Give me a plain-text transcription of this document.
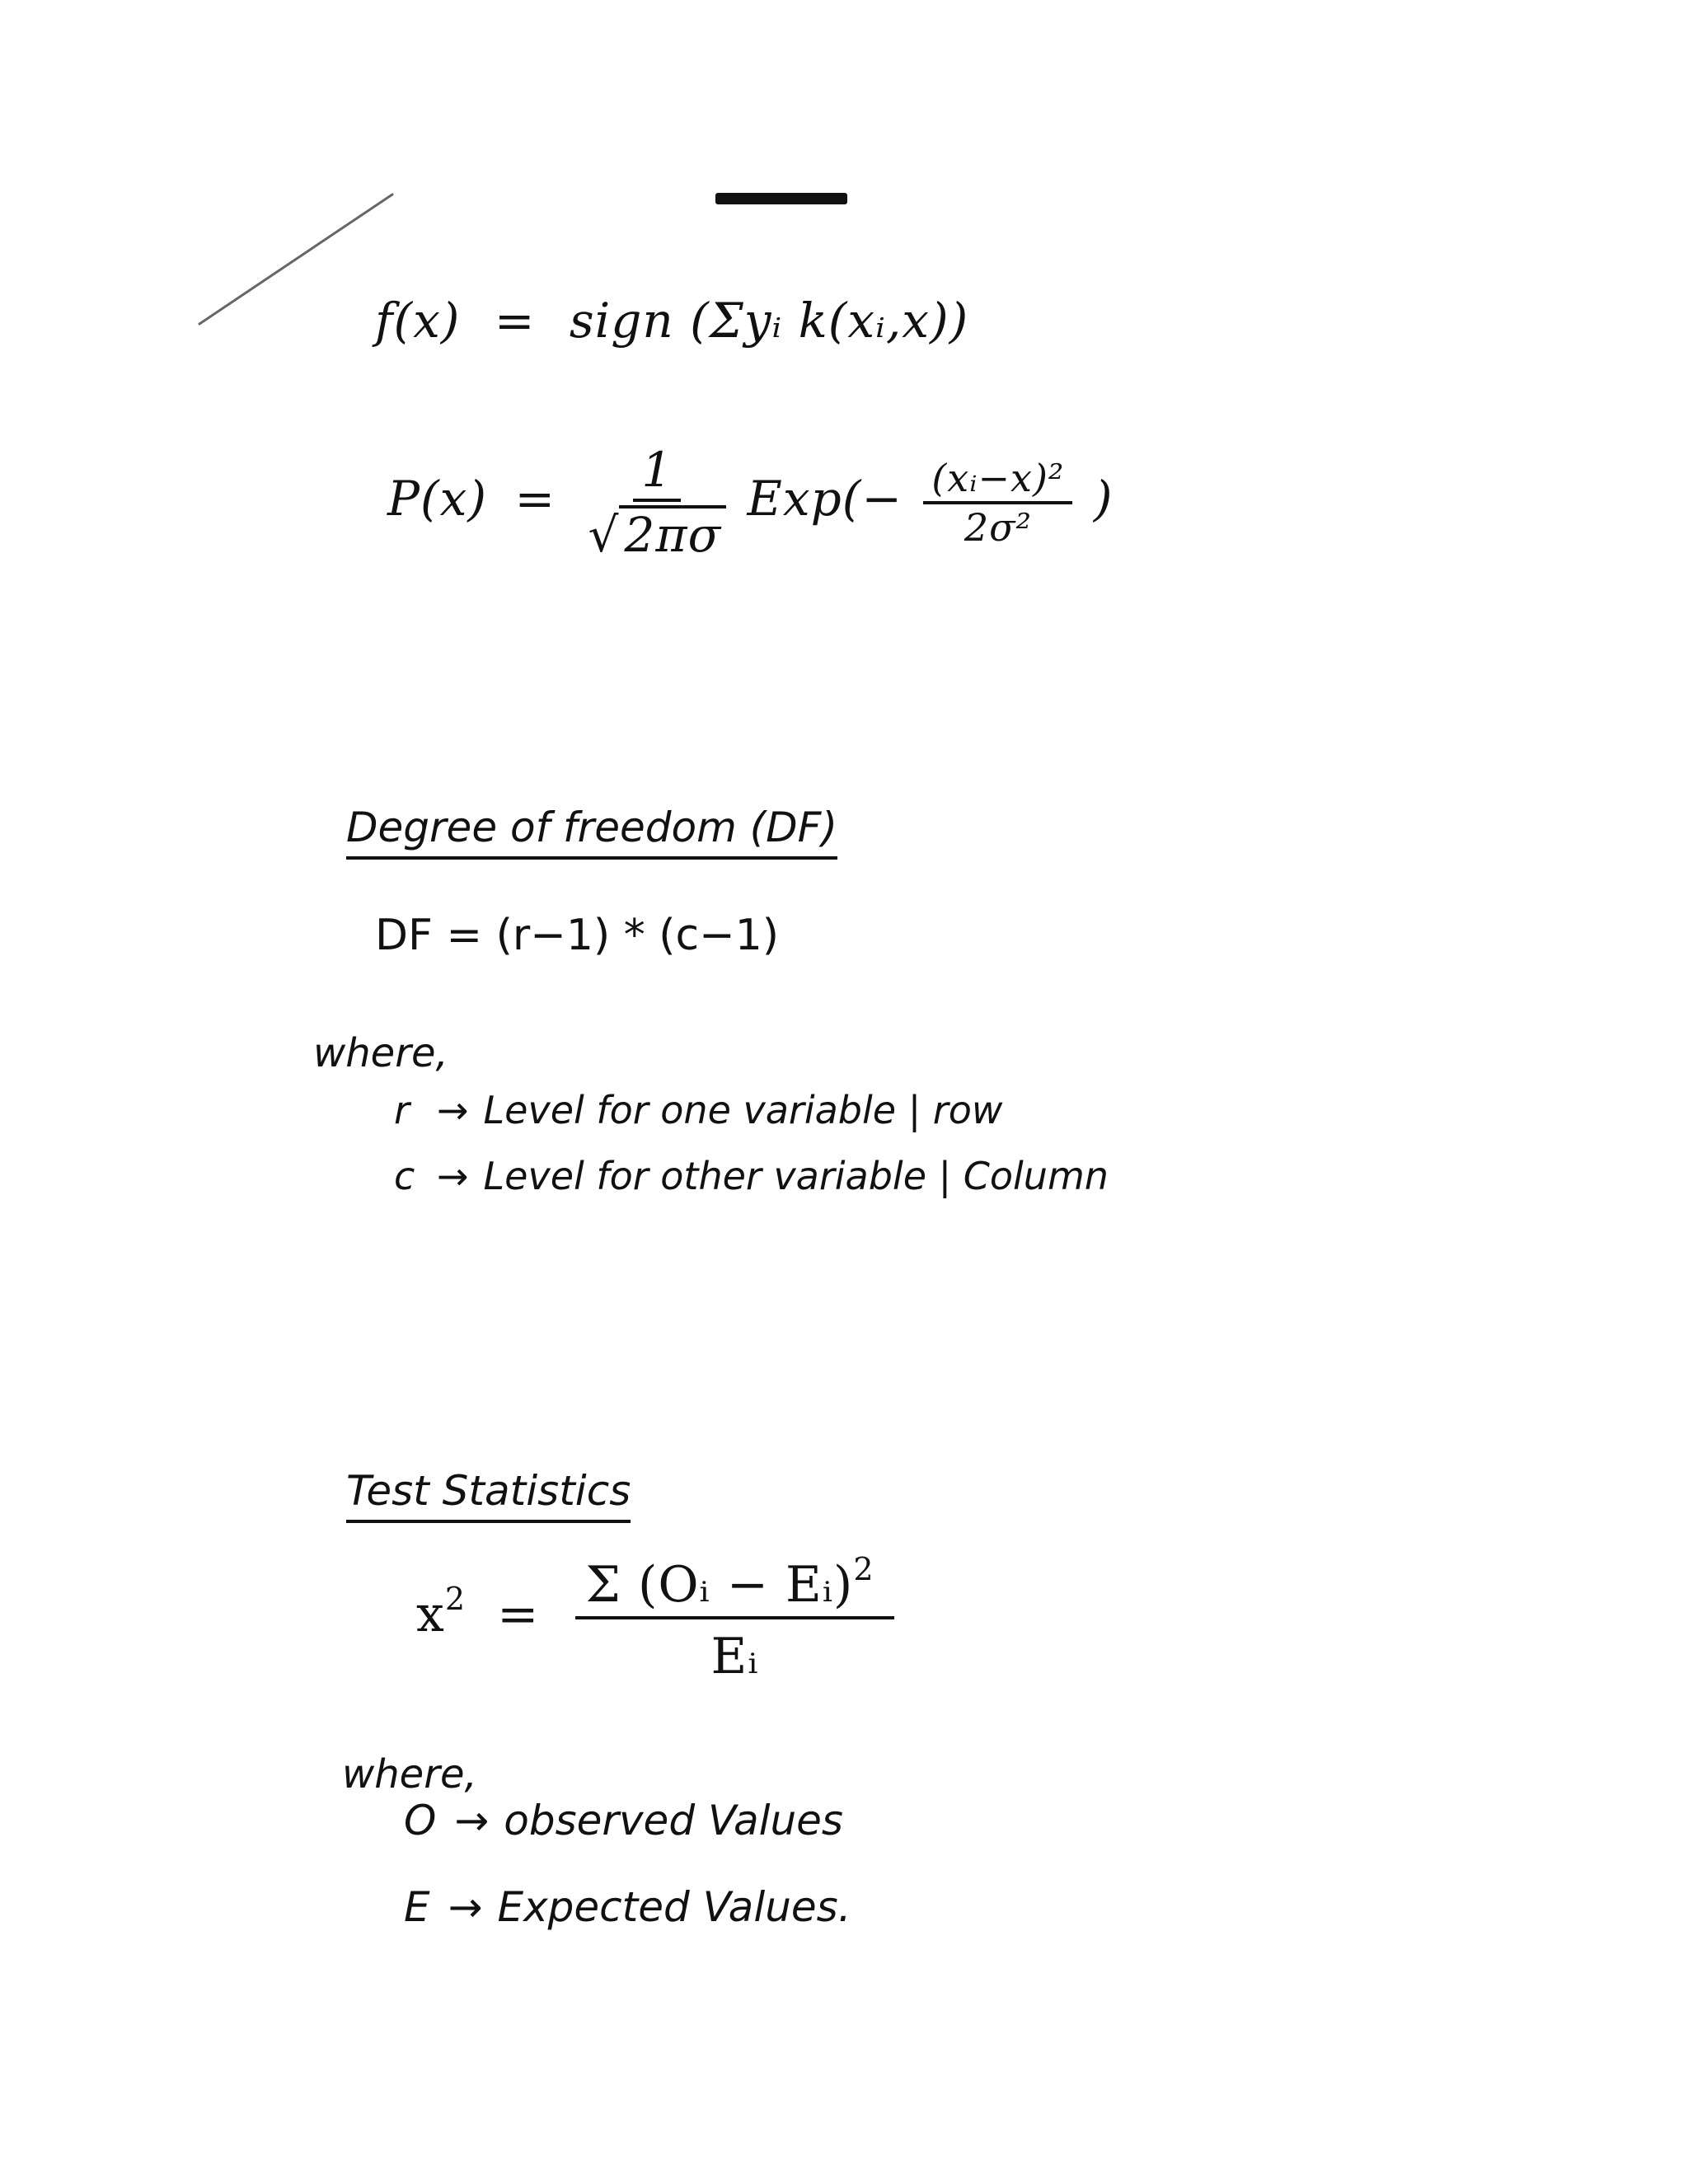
f(x) = sign (Σyᵢ k(xᵢ,x))
$P(x) = \frac{1}{√ 2\pi\sigma} Exp(- \frac{\text{(xᵢ−x)²}}{\text{2σ²}}$ )
Degree of freedom (DF)
DF = (r−1) * (c−1)
where,
r → Level for one variable | row
c → Level for other variable | Column
Test Statistics
$x^2 = \frac{\Sigma (Oᵢ - Eᵢ)^2}{\text{Eᵢ}}$
where,
O → observed Values
E → Expected Values.
